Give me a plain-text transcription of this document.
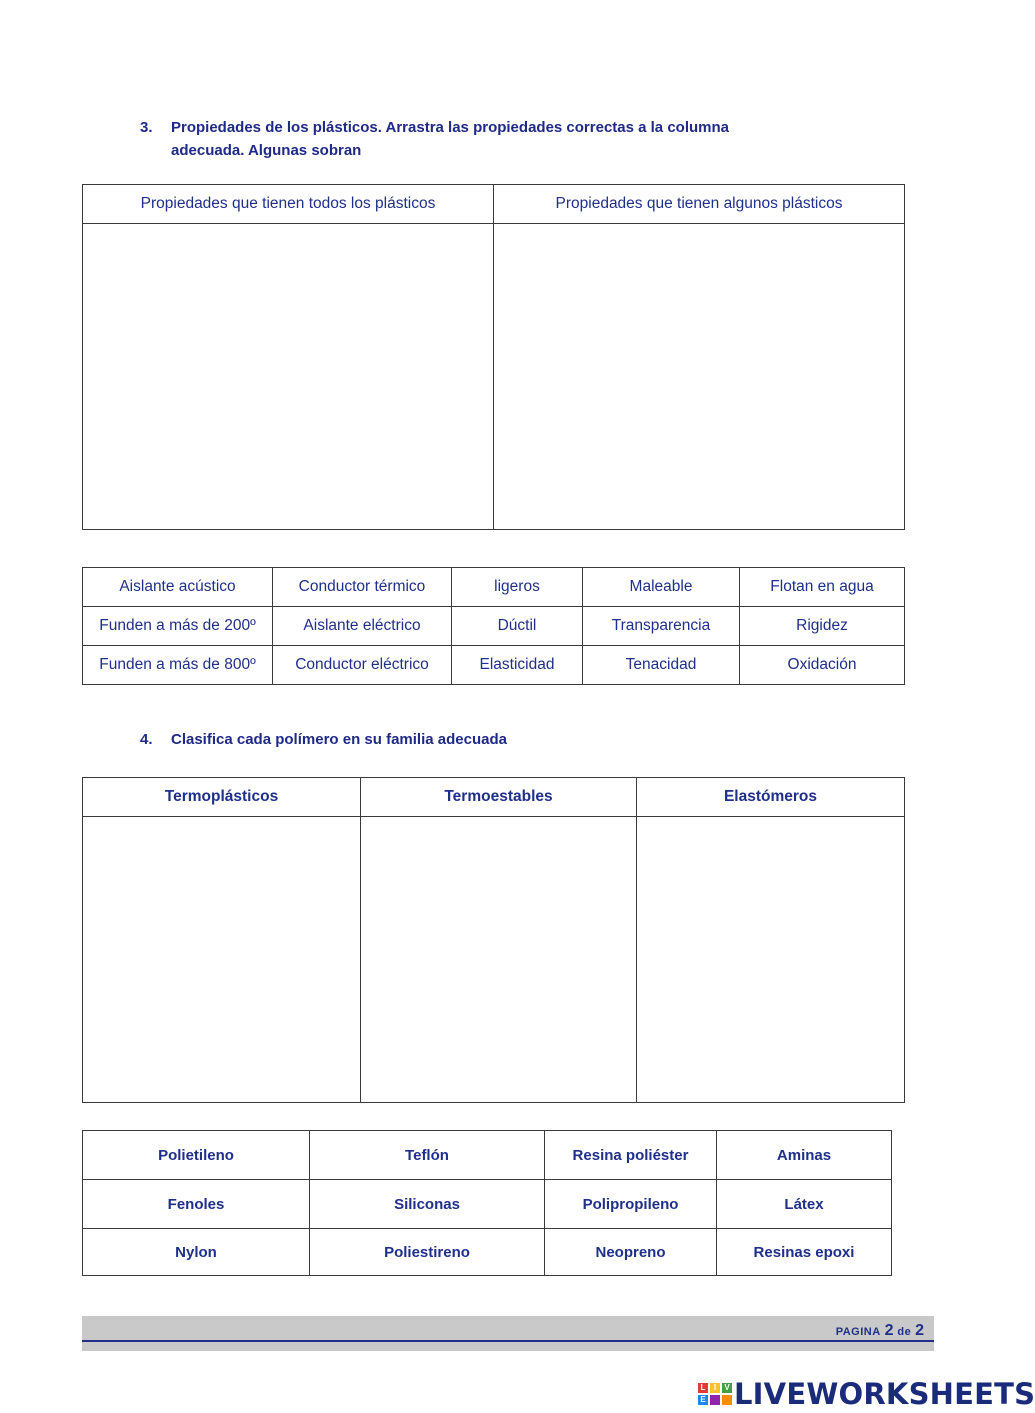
3. Propiedades de los plásticos. Arrastra las propiedades correctas a la columna
adecuada. Algunas sobran
Propiedades que tienen todos los plásticos	Propiedades que tienen algunos plásticos

Aislante acústico	Conductor térmico	ligeros	Maleable	Flotan en agua
Funden a más de 200º	Aislante eléctrico	Dúctil	Transparencia	Rigidez
Funden a más de 800º	Conductor eléctrico	Elasticidad	Tenacidad	Oxidación
4. Clasifica cada polímero en su familia adecuada
Termoplásticos	Termoestables	Elastómeros

Polietileno	Teflón	Resina poliéster	Aminas
Fenoles	Siliconas	Polipropileno	Látex
Nylon	Poliestireno	Neopreno	Resinas epoxi
PAGINA 2 de 2
L	I	V
E LIVEWORKSHEETS
